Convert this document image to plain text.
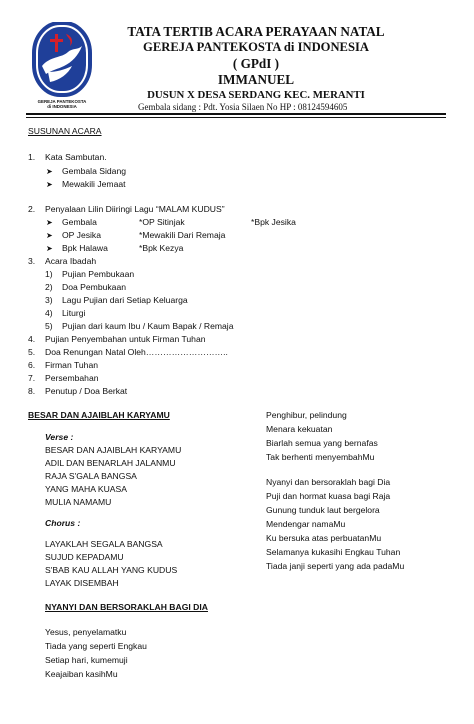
GEREJA PANTEKOSTA
di INDONESIA
TATA TERTIB ACARA PERAYAAN NATAL
GEREJA PANTEKOSTA di INDONESIA
( GPdI )
IMMANUEL
DUSUN X DESA SERDANG KEC. MERANTI
Gembala sidang : Pdt. Yosia Silaen No HP : 08124594605
SUSUNAN ACARA
1. Kata Sambutan.
➤ Gembala Sidang
➤ Mewakili Jemaat
2. Penyalaan Lilin Diiringi Lagu “MALAM KUDUS”
➤ Gembala	*OP Sitinjak	*Bpk Jesika
➤ OP Jesika	*Mewakili Dari Remaja
➤ Bpk Halawa	*Bpk Kezya
3. Acara Ibadah
1) Pujian Pembukaan
2) Doa Pembukaan
3) Lagu Pujian dari Setiap Keluarga
4) Liturgi
5) Pujian dari kaum Ibu / Kaum Bapak / Remaja
4. Pujian Penyembahan untuk Firman Tuhan
5. Doa Renungan Natal Oleh………………………..
6. Firman Tuhan
7. Persembahan
8. Penutup / Doa Berkat
BESAR DAN AJAIBLAH KARYAMU
Verse :
BESAR DAN AJAIBLAH KARYAMU
ADIL DAN BENARLAH JALANMU
RAJA S'GALA BANGSA
YANG MAHA KUASA
MULIA NAMAMU
Chorus :
LAYAKLAH SEGALA BANGSA
SUJUD KEPADAMU
S'BAB KAU ALLAH YANG KUDUS
LAYAK DISEMBAH
NYANYI DAN BERSORAKLAH BAGI DIA
Yesus, penyelamatku
Tiada yang seperti Engkau
Setiap hari, kumemuji
Keajaiban kasihMu
Penghibur, pelindung
Menara kekuatan
Biarlah semua yang bernafas
Tak berhenti menyembahMu
Nyanyi dan bersoraklah bagi Dia
Puji dan hormat kuasa bagi Raja
Gunung tunduk laut bergelora
Mendengar namaMu
Ku bersuka atas perbuatanMu
Selamanya kukasihi Engkau Tuhan
Tiada janji seperti yang ada padaMu
